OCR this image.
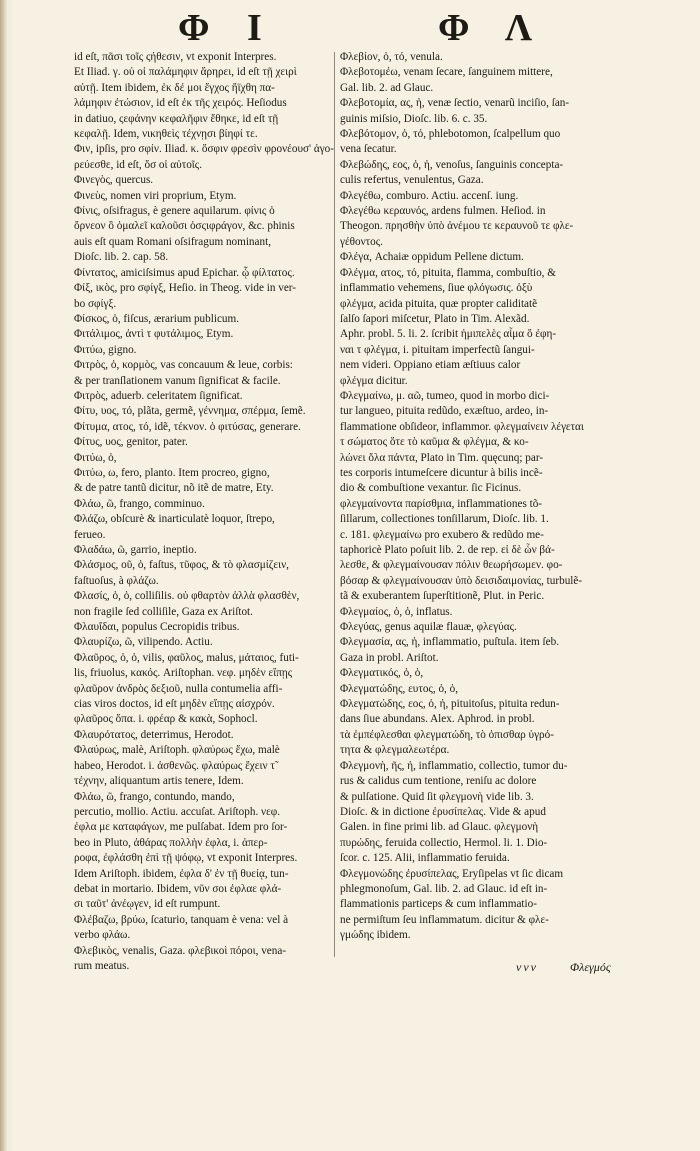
Φ Ι	Φ Λ

id eſt, πᾶσι τοῖς ςήθεσιν, vt exponit Interpres.

Et Iliad. γ. οὐ οἱ παλάμηφιν ἄρηρει, id eſt τῇ χειρὶ

αὐτῇ. Item ibidem, ἐκ δέ μοι ἔγχος ἤϊχθη πα-

λάμηφιν ἐτώσιον, id eſt ἐκ τῆς χειρός. Heſiodus

in datiuo, ςεφάνην κεφαλῆφιν ἔθηκε, id eſt τῇ

κεφαλῇ. Idem, νικηθεὶς τέχνῃσι βίηφί τε.

Φιν, ipſis, pro σφίν. Iliad. κ. ὅσφιν φρεσὶν φρονέουσ' ἀγο-

ρεύεσθε, id eſt, ὅσ οἱ αὐτοῖς.

Φινεγὸς, quercus.

Φινεὺς, nomen viri proprium, Etym.

Φίνις, oſsifragus, è genere aquilarum. φίνις ὁ

ὄρνεον ὃ ὀμαλεῖ καλοῦσι ὀσςιφράγον, &c. phinis

auis eſt quam Romani oſsifragum nominant,

Dioſc. lib. 2. cap. 58.

Φίντατος, amiciſsimus apud Epichar. ᾧ φίλτατος.

Φίξ, ικὸς, pro σφίγξ, Heſio. in Theog. vide in ver-

bo σφίγξ.

Φίσκος, ὁ, fiſcus, ærarium publicum.

Φιτάλιμος, ἀντὶ τ φυτάλιμος, Etym.

Φιτύω, gigno.

Φιτρὸς, ὁ, κορμὸς, vas concauum & leue, corbis:

& per tranſlationem vanum ſignificat & facile.

Φιτρὸς, aduerb. celeritatem ſignificat.

Φίτυ, υος, τό, plãta, germẽ, γέννημα, σπέρμα, ſemẽ.

Φίτυμα, ατος, τό, idẽ, τέκνον. ὁ φιτύσας, generare.

Φίτυς, υος, genitor, pater.

Φιτύω, ὁ,

Φιτύω, ω, fero, planto. Item procreo, gigno,

& de patre tantũ dicitur, nõ itẽ de matre, Ety.

Φλάω, ῶ, frango, comminuo.

Φλάζω, obſcurè & inarticulatè loquor, ſtrepo,

ferueo.

Φλαδάω, ῶ, garrio, ineptio.

Φλάσμος, οῦ, ὁ, faſtus, τῦφος, & τὸ φλασμίζειν,

faſtuoſus, à φλάζω.

Φλασίς, ὁ, ὁ, colliſilis. οὐ φθαρτὸν ἀλλὰ φλασθὲν,

non fragile ſed colliſile, Gaza ex Ariſtot.

Φλαυΐδαι, populus Cecropidis tribus.

Φλαυρίζω, ῶ, vilipendo. Actiu.

Φλαῦρος, ὁ, ὁ, vilis, φαῦλος, malus, μάταιος, futi-

lis, friuolus, κακός. Ariſtophan. νεφ. μηδὲν εἴπῃς

φλαῦρον ἀνδρὸς δεξιοῦ, nulla contumelia affi-

cias viros doctos, id eſt μηδὲν εἴπῃς αἰσχρόν.

φλαῦρος ὄπα. i. φρέαρ & κακὰ, Sophocl.

Φλαυρότατος, deterrimus, Herodot.

Φλαύρως, malè, Ariſtoph. φλαύρως ἔχω, malè

habeo, Herodot. i. ἀσθενῶς. φλαύρως ἔχειν τ̃

τέχνην, aliquantum artis tenere, Idem.

Φλάω, ῶ, frango, contundo, mando,

percutio, mollio. Actiu. accuſat. Ariſtoph. νεφ.

ἐφλα με καταφάγων, me pulſabat. Idem pro ſor-

beo in Pluto, ἀθάρας πολλὴν ἐφλα, i. ἀπερ-

ροφα, ἐφλάσθη ἐπὶ τῇ ψόφῳ, vt exponit Interpres.

Idem Ariſtoph. ibidem, ἐφλα δ' ἐν τῇ θυείᾳ, tun-

debat in mortario. Ibidem, νῦν σοι ἐφλαε φλά-

σι ταῦτ' ἀνέῳγεν, id eſt rumpunt.

Φλέβαζω, βρύω, ſcaturio, tanquam è vena: vel à

verbo φλάω.

Φλεβικὸς, venalis, Gaza. φλεβικοὶ πόροι, vena-

rum meatus.

Φλεβίον, ὁ, τό, venula.

Φλεβοτομέω, venam ſecare, ſanguinem mittere,

Gal. lib. 2. ad Glauc.

Φλεβοτομία, ας, ἡ, venæ ſectio, venarũ inciſio, ſan-

guinis miſsio, Dioſc. lib. 6. c. 35.

Φλεβότομον, ὁ, τό, phlebotomon, ſcalpellum quo

vena ſecatur.

Φλεβώδης, εος, ὁ, ἡ, venoſus, ſanguinis concepta-

culis refertus, venulentus, Gaza.

Φλεγέθω, comburo. Actiu. accenſ. iung.

Φλεγέθω κεραυνός, ardens fulmen. Heſiod. in

Theogon. πρησθὴν ὑπὸ ἀνέμου τε κεραυνοῦ τε φλε-

γέθοντος.

Φλέγα, Achaiæ oppidum Pellene dictum.

Φλέγμα, ατος, τό, pituita, flamma, combuſtio, &

inflammatio vehemens, ſiue φλόγωσις. ὀξὺ

φλέγμα, acida pituita, quæ propter caliditatẽ

ſalſo ſapori miſcetur, Plato in Tim. Alexãd.

Aphr. probl. 5. li. 2. ſcribit ἡμιπελὲς αἷμα ὅ ἐφη-

ναι τ φλέγμα, i. pituitam imperfectũ ſangui-

nem videri. Oppiano etiam æſtiuus calor

φλέγμα dicitur.

Φλεγμαίνω, μ. αῶ, tumeo, quod in morbo dici-

tur langueo, pituita redũdo, exæſtuo, ardeo, in-

flammatione obſideor, inflammor. φλεγμαίνειν λέγεται

τ σώματος ὅτε τὸ καῦμα & φλέγμα, & κο-

λώνει ὅλα πάντα, Plato in Tim. quęcunq; par-

tes corporis intumeſcere dicuntur à bilis incẽ-

dio & combuſtione vexantur. ſic Ficinus.

φλεγμαίνοντα παρίσθμια, inflammationes tõ-

ſillarum, collectiones tonſillarum, Dioſc. lib. 1.

c. 181. φλεγμαίνω pro exubero & redũdo me-

taphoricè Plato poſuit lib. 2. de rep. εἰ δὲ ὧν βά-

λεσθε, & φλεγμαίνουσαν πόλιν θεωρήσωμεν. φο-

βόσαρ & φλεγμαίνουσαν ὑπὸ δεισιδαιμονίας, turbulẽ-

tã & exuberantem ſuperſtitionẽ, Plut. in Peric.

Φλεγμαίος, ὁ, ὁ, inflatus.

Φλεγύας, genus aquilæ flauæ, φλεγύας.

Φλεγμασία, ας, ἡ, inflammatio, puſtula. item ſeb.

Gaza in probl. Ariſtot.

Φλεγματικός, ὁ, ὁ,

Φλεγματώδης, ευτος, ὁ, ὁ,

Φλεγματώδης, εος, ὁ, ἡ, pituitoſus, pituita redun-

dans ſiue abundans. Alex. Aphrod. in probl.

τὰ ἐμπέφλεσθαι φλεγματώδη, τὸ ὀπισθαρ ὑγρό-

τητα & φλεγμαλεωτέρα.

Φλεγμονὴ, ῆς, ἡ, inflammatio, collectio, tumor du-

rus & calidus cum tentione, reniſu ac dolore

& pulſatione. Quid ſit φλεγμονὴ vide lib. 3.

Dioſc. & in dictione ἐρυσίπελας. Vide & apud

Galen. in fine primi lib. ad Glauc. φλεγμονὴ

πυρώδης, feruida collectio, Hermol. li. 1. Dio-

ſcor. c. 125. Alii, inflammatio feruida.

Φλεγμονώδης ἐρυσίπελας, Eryſipelas vt ſic dicam

phlegmonoſum, Gal. lib. 2. ad Glauc. id eſt in-

flammationis particeps & cum inflammatio-

ne permiſtum ſeu inflammatum. dicitur & φλε-

γμώδης ibidem.

vvv	Φλεγμός
